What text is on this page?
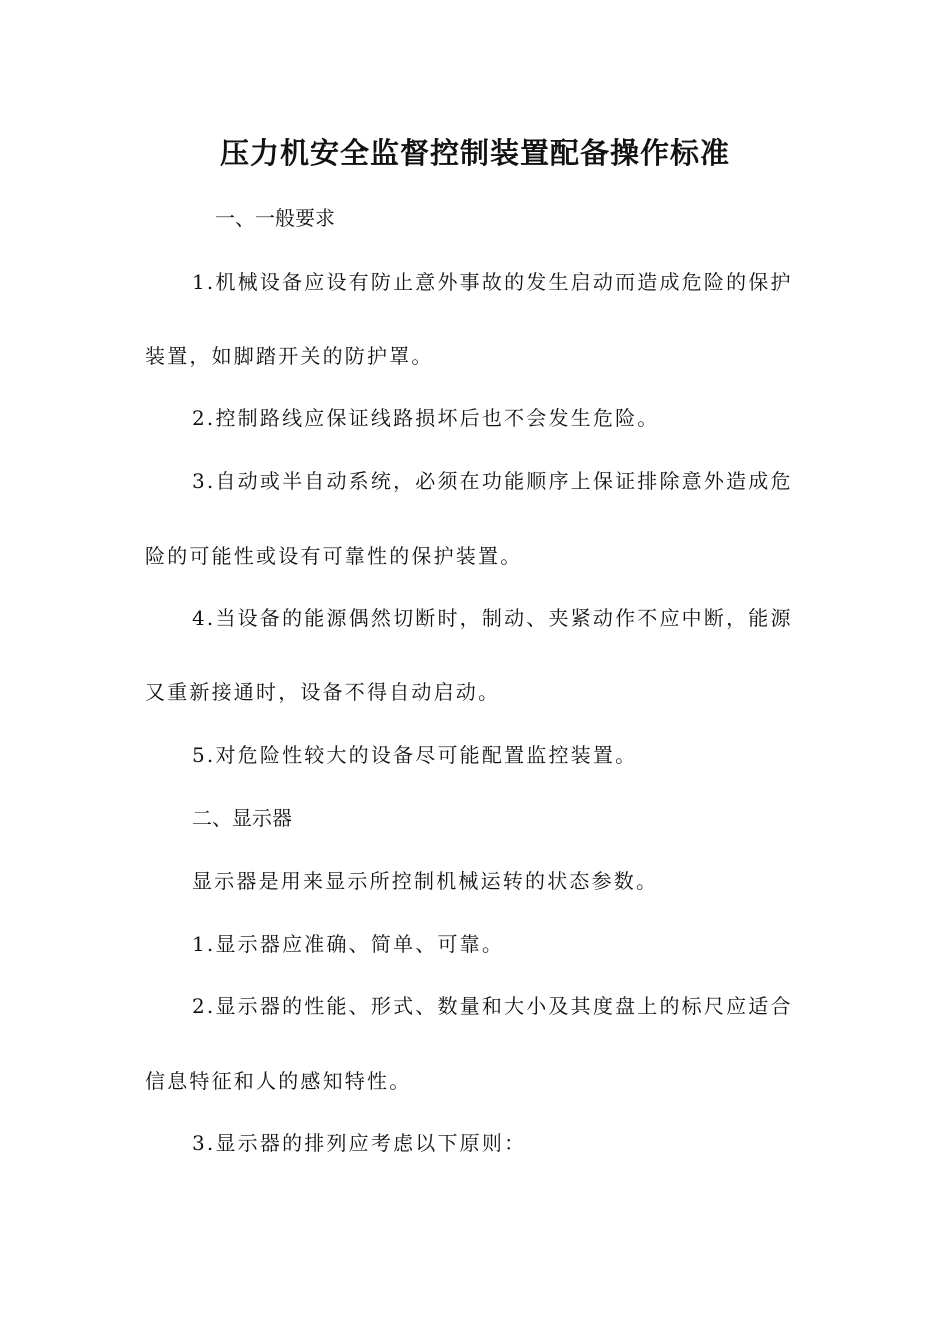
压力机安全监督控制装置配备操作标准

一、一般要求

1.机械设备应设有防止意外事故的发生启动而造成危险的保护

装置，如脚踏开关的防护罩。

2.控制路线应保证线路损坏后也不会发生危险。

3.自动或半自动系统，必须在功能顺序上保证排除意外造成危

险的可能性或设有可靠性的保护装置。

4.当设备的能源偶然切断时，制动、夹紧动作不应中断，能源

又重新接通时，设备不得自动启动。

5.对危险性较大的设备尽可能配置监控装置。

二、显示器

显示器是用来显示所控制机械运转的状态参数。

1.显示器应准确、简单、可靠。

2.显示器的性能、形式、数量和大小及其度盘上的标尺应适合

信息特征和人的感知特性。

3.显示器的排列应考虑以下原则：
